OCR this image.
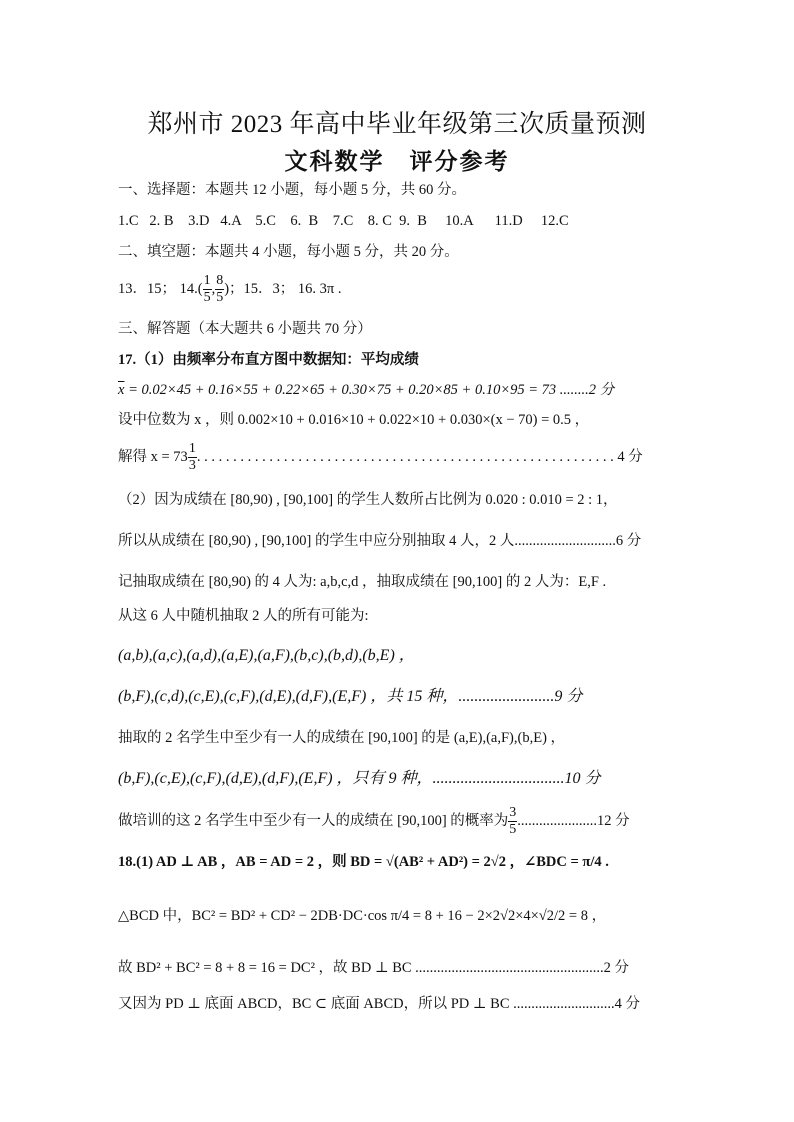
郑州市 2023 年高中毕业年级第三次质量预测
文科数学　评分参考
一、选择题：本题共 12 小题，每小题 5 分，共 60 分。
1.C   2. B    3.D   4.A    5.C    6.  B    7.C    8. C  9.  B     10.A      11.D     12.C
二、填空题：本题共 4 小题，每小题 5 分，共 20 分。
13．15； $14.( \frac{1}{5}$ , $\frac{8}{5}$ )；15．3； 16. 3π .
三、解答题（本大题共 6 小题共 70 分）
17.（1）由频率分布直方图中数据知：平均成绩
$\overline{x} = 0.02\times 45 + 0.16\times 55 + 0.22\times 65 + 0.30\times 75 + 0.20\times 85 + 0.10\times 95 = 73$ ........2 分
设中位数为 x ，则 0.002×10 + 0.016×10 + 0.022×10 + 0.030×(x − 70) = 0.5 ，
解得 $x = 73 \frac{1}{3}$ . . . . . . . . . . . . . . . . . . . . . . . . . . . . . . . . . . . . . . . . . . . . . . . . . . . . . . . . . . 4 分
（2）因为成绩在 [80,90) , [90,100] 的学生人数所占比例为 0.020 : 0.010 = 2 : 1，
所以从成绩在 [80,90) , [90,100] 的学生中应分别抽取 4 人，2 人............................6 分
记抽取成绩在 [80,90) 的 4 人为: a,b,c,d ，抽取成绩在 [90,100] 的 2 人为：E,F .
从这 6 人中随机抽取 2 人的所有可能为:
(a,b),(a,c),(a,d),(a,E),(a,F),(b,c),(b,d),(b,E) ，
(b,F),(c,d),(c,E),(c,F),(d,E),(d,F),(E,F) ，共 15 种，........................9 分
抽取的 2 名学生中至少有一人的成绩在 [90,100] 的是 (a,E),(a,F),(b,E) ，
(b,F),(c,E),(c,F),(d,E),(d,F),(E,F) ，只有 9 种，.................................10 分
做培训的这 2 名学生中至少有一人的成绩在 [90,100] 的概率为 $\frac{3}{5} ......................12$ 分
18.(1) AD ⊥ AB ，AB = AD = 2 ，则 BD = √(AB² + AD²) = 2√2 ，∠BDC = π/4 .
△BCD 中，BC² = BD² + CD² − 2DB·DC·cos π/4 = 8 + 16 − 2×2√2×4×√2/2 = 8 ，
故 BD² + BC² = 8 + 8 = 16 = DC² ，故 BD ⊥ BC ....................................................2 分
又因为 PD ⊥ 底面 ABCD，BC ⊂ 底面 ABCD，所以 PD ⊥ BC ............................4 分
